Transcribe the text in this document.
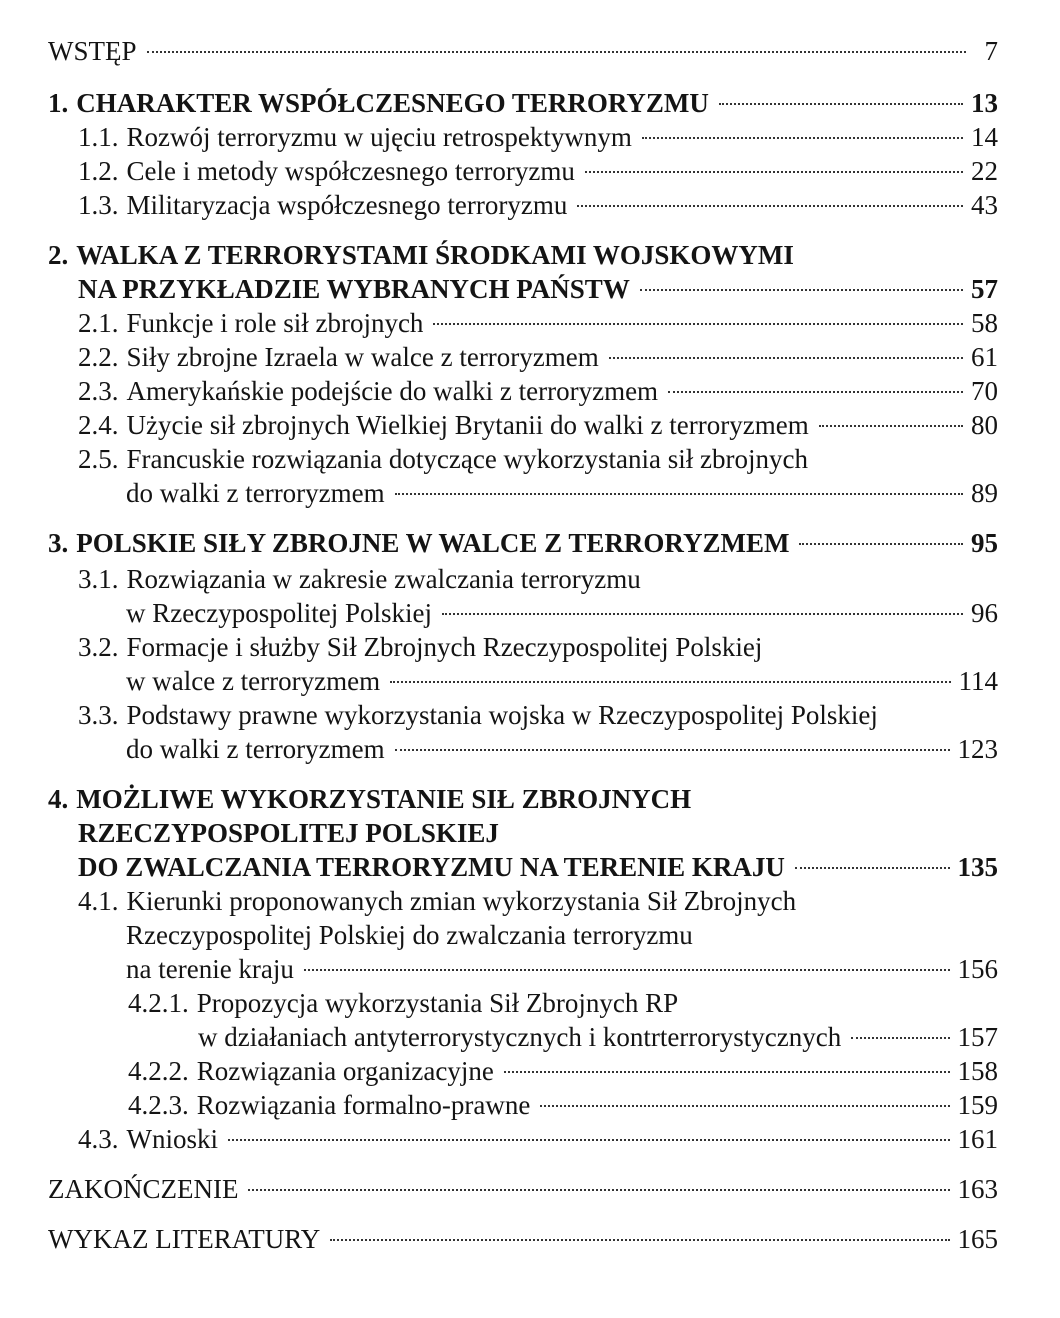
WSTĘP	7
1. CHARAKTER WSPÓŁCZESNEGO TERRORYZMU	13
1.1. Rozwój terroryzmu w ujęciu retrospektywnym	14
1.2. Cele i metody współczesnego terroryzmu	22
1.3. Militaryzacja współczesnego terroryzmu	43
2. WALKA Z TERRORYSTAMI ŚRODKAMI WOJSKOWYMI
NA PRZYKŁADZIE WYBRANYCH PAŃSTW	57
2.1. Funkcje i role sił zbrojnych	58
2.2. Siły zbrojne Izraela w walce z terroryzmem	61
2.3. Amerykańskie podejście do walki z terroryzmem	70
2.4. Użycie sił zbrojnych Wielkiej Brytanii do walki z terroryzmem	80
2.5. Francuskie rozwiązania dotyczące wykorzystania sił zbrojnych
do walki z terroryzmem	89
3. POLSKIE SIŁY ZBROJNE W WALCE Z TERRORYZMEM	95
3.1. Rozwiązania w zakresie zwalczania terroryzmu
w Rzeczypospolitej Polskiej	96
3.2. Formacje i służby Sił Zbrojnych Rzeczypospolitej Polskiej
w walce z terroryzmem	114
3.3. Podstawy prawne wykorzystania wojska w Rzeczypospolitej Polskiej
do walki z terroryzmem	123
4. MOŻLIWE WYKORZYSTANIE SIŁ ZBROJNYCH
RZECZYPOSPOLITEJ POLSKIEJ
DO ZWALCZANIA TERRORYZMU NA TERENIE KRAJU	135
4.1. Kierunki proponowanych zmian wykorzystania Sił Zbrojnych
Rzeczypospolitej Polskiej do zwalczania terroryzmu
na terenie kraju	156
4.2.1. Propozycja wykorzystania Sił Zbrojnych RP
w działaniach antyterrorystycznych i kontrterrorystycznych	157
4.2.2. Rozwiązania organizacyjne	158
4.2.3. Rozwiązania formalno-prawne	159
4.3. Wnioski	161
ZAKOŃCZENIE	163
WYKAZ LITERATURY	165
